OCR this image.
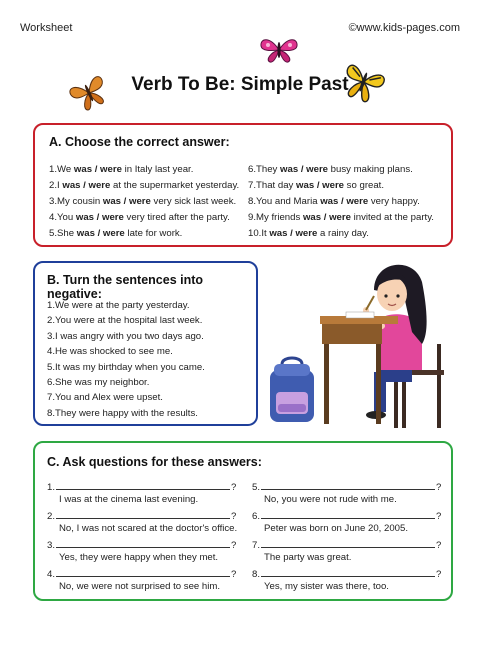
Worksheet	©www.kids-pages.com
Verb To Be: Simple Past
A. Choose the correct answer:
1.We was / were in Italy last year.
2.I was / were at the supermarket yesterday.
3.My cousin was / were very sick last week.
4.You was / were very tired after the party.
5.She was / were late for work.
6.They was / were busy making plans.
7.That day was / were so great.
8.You and Maria was / were very happy.
9.My friends was / were invited at the party.
10.It was / were a rainy day.
B. Turn the sentences into negative:
1.We were at the party yesterday.
2.You were at the hospital last week.
3.I was angry with you two days ago.
4.He was shocked to see me.
5.It was my birthday when you came.
6.She was my neighbor.
7.You and Alex were upset.
8.They were happy with the results.
C. Ask questions for these answers:
1.	?
I was at the cinema last evening.
2.	?
No, I was not scared at the doctor's office.
3.	?
Yes, they were happy when they met.
4.	?
No, we were not surprised to see him.
5.	?
No, you were not rude with me.
6.	?
Peter was born on June 20, 2005.
7.	?
The party was great.
8.	?
Yes, my sister was there, too.
